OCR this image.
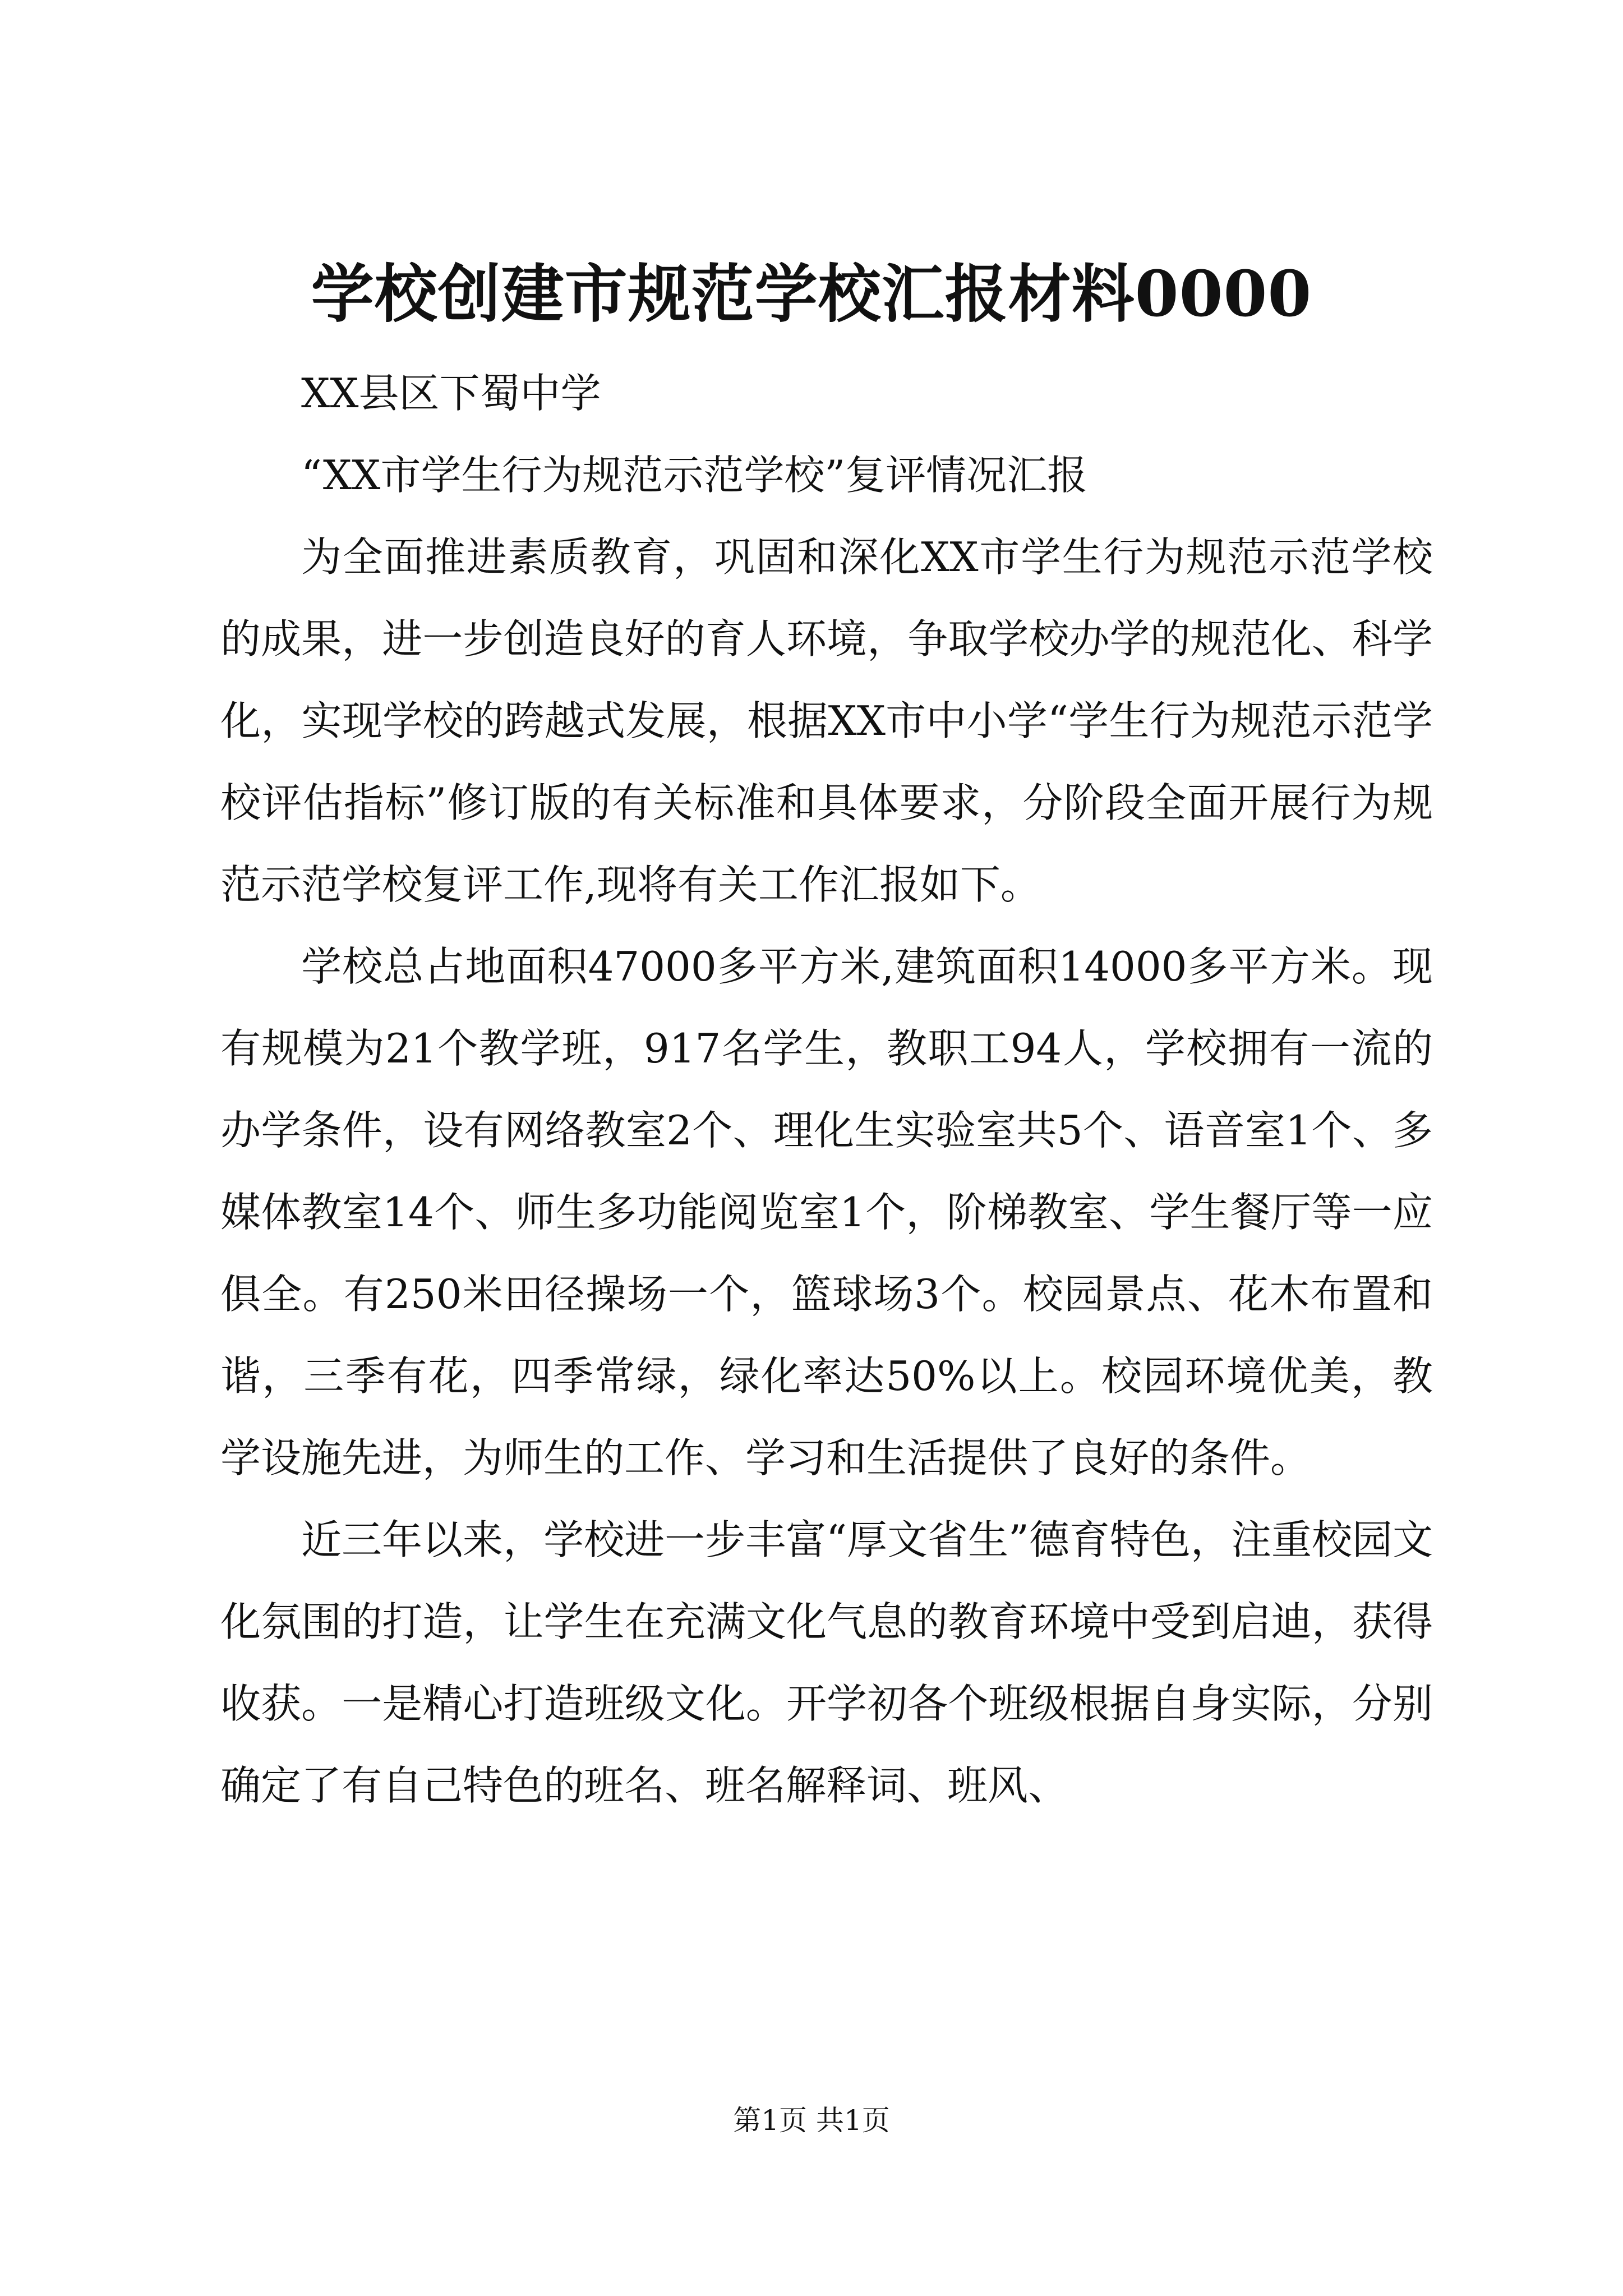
学校创建市规范学校汇报材料0000

XX县区下蜀中学

“XX市学生行为规范示范学校”复评情况汇报

为全面推进素质教育，巩固和深化XX市学生行为规范示范学校的成果，进一步创造良好的育人环境，争取学校办学的规范化、科学化，实现学校的跨越式发展，根据XX市中小学“学生行为规范示范学校评估指标”修订版的有关标准和具体要求，分阶段全面开展行为规范示范学校复评工作,现将有关工作汇报如下。

学校总占地面积47000多平方米,建筑面积14000多平方米。现有规模为21个教学班，917名学生，教职工94人，学校拥有一流的办学条件，设有网络教室2个、理化生实验室共5个、语音室1个、多媒体教室14个、师生多功能阅览室1个，阶梯教室、学生餐厅等一应俱全。有250米田径操场一个，篮球场3个。校园景点、花木布置和谐，三季有花，四季常绿，绿化率达50%以上。校园环境优美，教学设施先进，为师生的工作、学习和生活提供了良好的条件。

近三年以来，学校进一步丰富“厚文省生”德育特色，注重校园文化氛围的打造，让学生在充满文化气息的教育环境中受到启迪，获得收获。一是精心打造班级文化。开学初各个班级根据自身实际，分别确定了有自己特色的班名、班名解释词、班风、

第1页 共1页
